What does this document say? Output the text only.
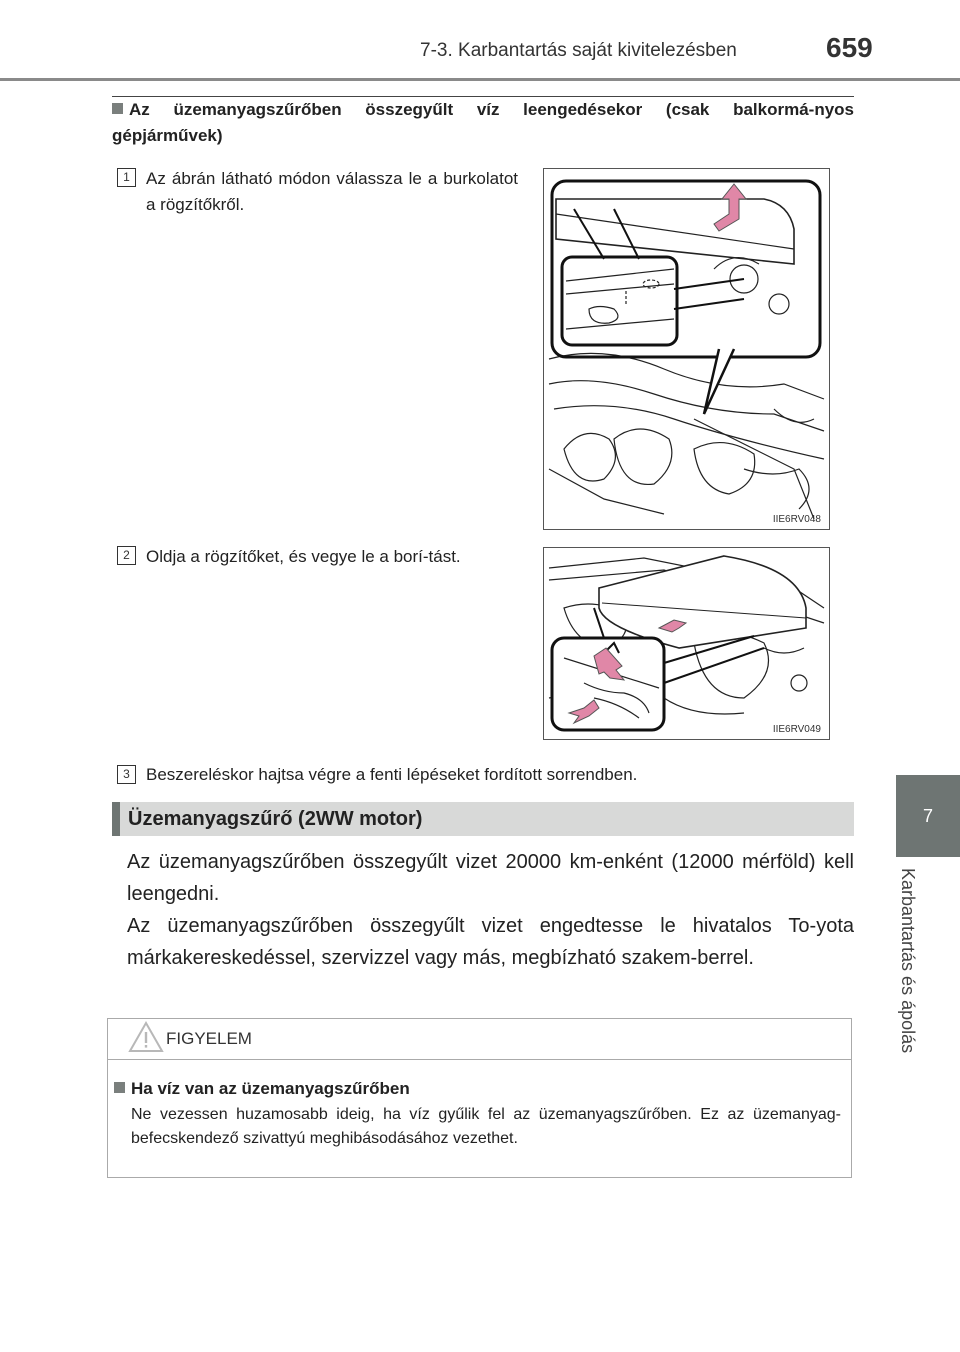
7-3. Karbantartás saját kivitelezésben	659
7
Karbantartás és ápolás
Az üzemanyagszűrőben összegyűlt víz leengedésekor (csak balkormá-nyos gépjárművek)
1 Az ábrán látható módon válassza le a burkolatot a rögzítőkről.
IIE6RV048
2 Oldja a rögzítőket, és vegye le a borí-tást.
IIE6RV049
3 Beszereléskor hajtsa végre a fenti lépéseket fordított sorrendben.
Üzemanyagszűrő (2WW motor)
Az üzemanyagszűrőben összegyűlt vizet 20000 km-enként (12000 mérföld) kell leengedni.
Az üzemanyagszűrőben összegyűlt vizet engedtesse le hivatalos To-yota márkakereskedéssel, szervizzel vagy más, megbízható szakem-berrel.
FIGYELEM
Ha víz van az üzemanyagszűrőben
Ne vezessen huzamosabb ideig, ha víz gyűlik fel az üzemanyagszűrőben. Ez az üzemanyag-befecskendező szivattyú meghibásodásához vezethet.
